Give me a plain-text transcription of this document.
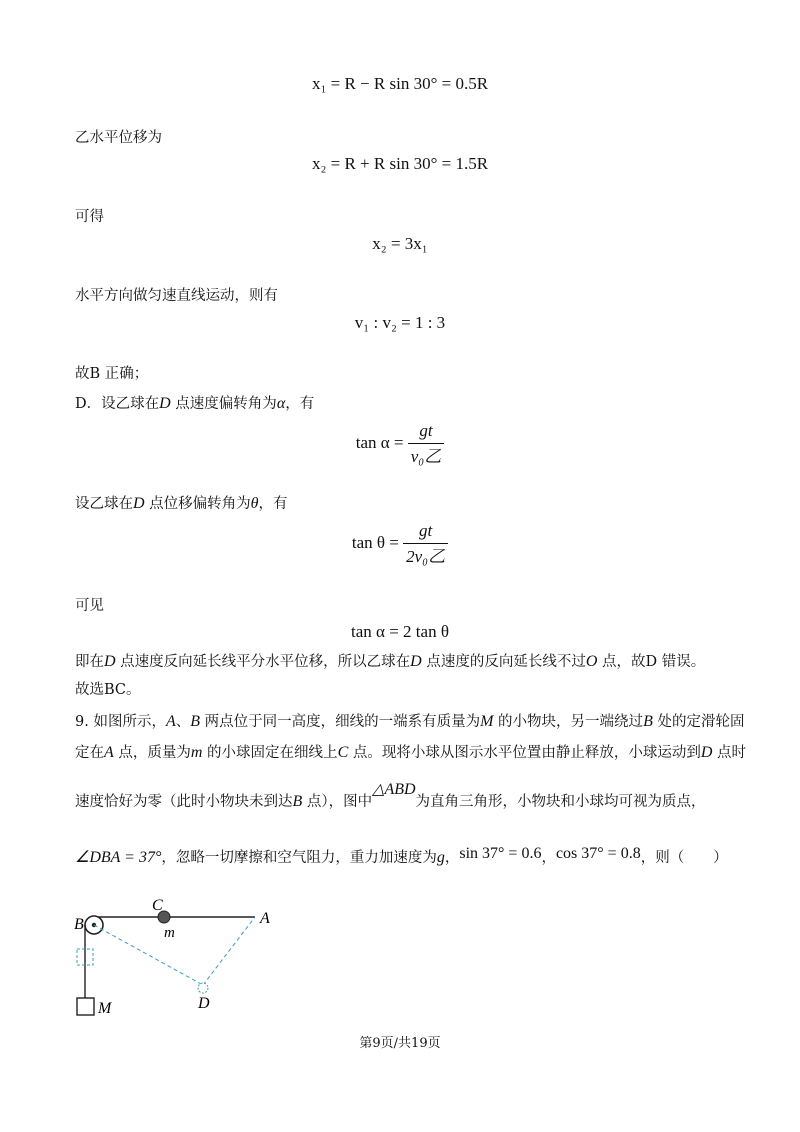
x₁ = R − R sin 30° = 0.5R
乙水平位移为
x₂ = R + R sin 30° = 1.5R
可得
x₂ = 3x₁
水平方向做匀速直线运动，则有
v₁ : v₂ = 1 : 3
故B 正确；
D．设乙球在D 点速度偏转角为α，有
$\tan \alpha = \frac{gt}{\text{v₀乙}}$
设乙球在D 点位移偏转角为θ，有
$\tan \theta = \frac{gt}{\text{2v₀乙}}$
可见
tan α = 2 tan θ
即在D 点速度反向延长线平分水平位移，所以乙球在D 点速度的反向延长线不过O 点，故D 错误。
故选BC。
9. 如图所示，A、B 两点位于同一高度，细线的一端系有质量为M 的小物块，另一端绕过B 处的定滑轮固
定在A 点，质量为m 的小球固定在细线上C 点。现将小球从图示水平位置由静止释放，小球运动到D 点时
速度恰好为零（此时小物块未到达B 点），图中△ABD为直角三角形，小物块和小球均可视为质点，
∠DBA = 37°，忽略一切摩擦和空气阻力，重力加速度为g，sin 37° = 0.6，cos 37° = 0.8，则（　　）
B
C
A
m
D
M
第9页/共19页
